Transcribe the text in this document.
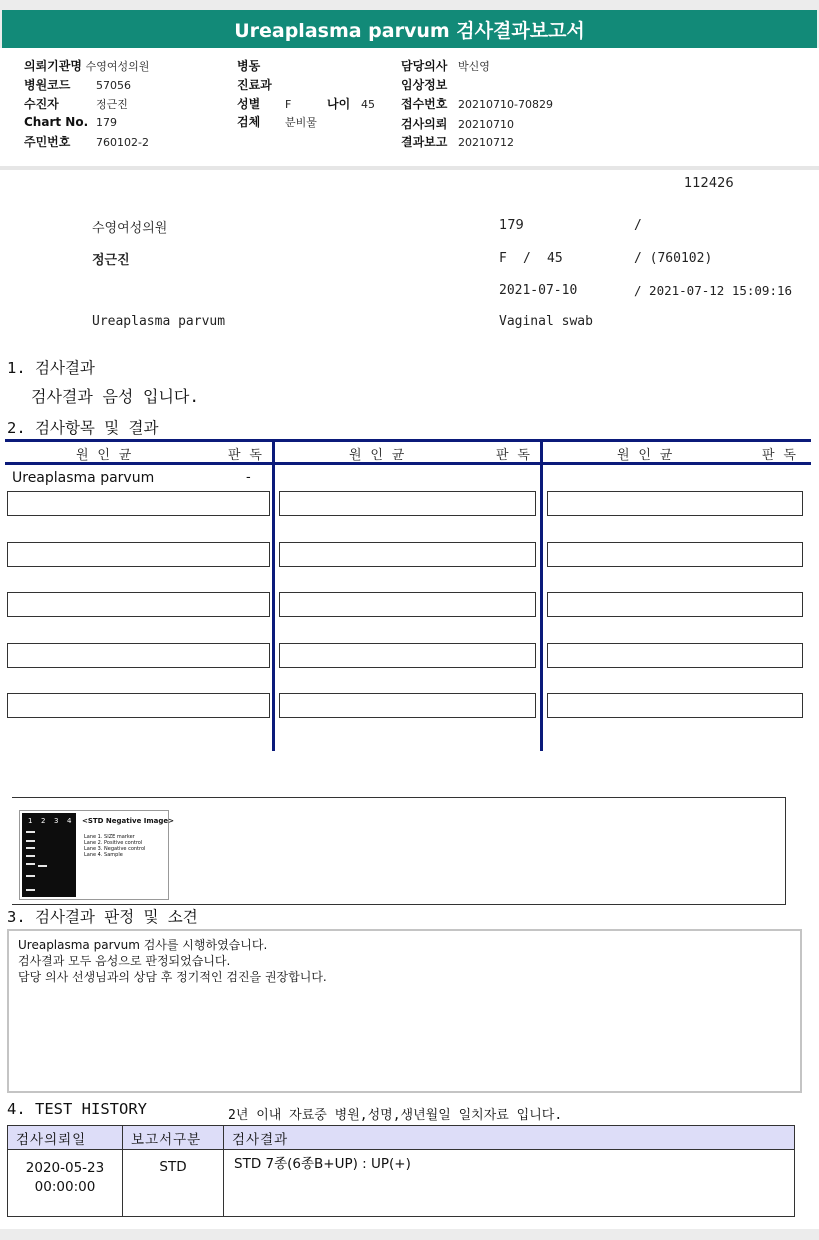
Ureaplasma parvum 검사결과보고서
의뢰기관명 수영여성의원
병원코드 57056
수진자	정근진
Chart No. 179
주민번호 760102-2
병동
진료과
성별 F	나이 45
검체 분비물
담당의사 박신영
임상정보
접수번호 20210710-70829
검사의뢰 20210710
결과보고 20210712
112426
수영여성의원
정근진
179	/
F / 45	/ (760102)
2021-07-10	/ 2021-07-12 15:09:16
Ureaplasma parvum	Vaginal swab
1. 검사결과
검사결과 음성 입니다.
2. 검사항목 및 결과
원 인 균	판 독	원 인 균	판 독	원 인 균	판 독
Ureaplasma parvum	-
1 2 3 4 <STD Negative Image>
Lane 1. SIZE marker
Lane 2. Positive control
Lane 3. Negative control
Lane 4. Sample
3. 검사결과 판정 및 소견
Ureaplasma parvum 검사를 시행하였습니다.
검사결과 모두 음성으로 판정되었습니다.
담당 의사 선생님과의 상담 후 정기적인 검진을 권장합니다.
4. TEST HISTORY	2년 이내 자료중 병원,성명,생년월일 일치자료 입니다.
검사의뢰일	보고서구분	검사결과

2020-05-23
00:00:00	STD	STD 7종(6종B+UP) : UP(+)
